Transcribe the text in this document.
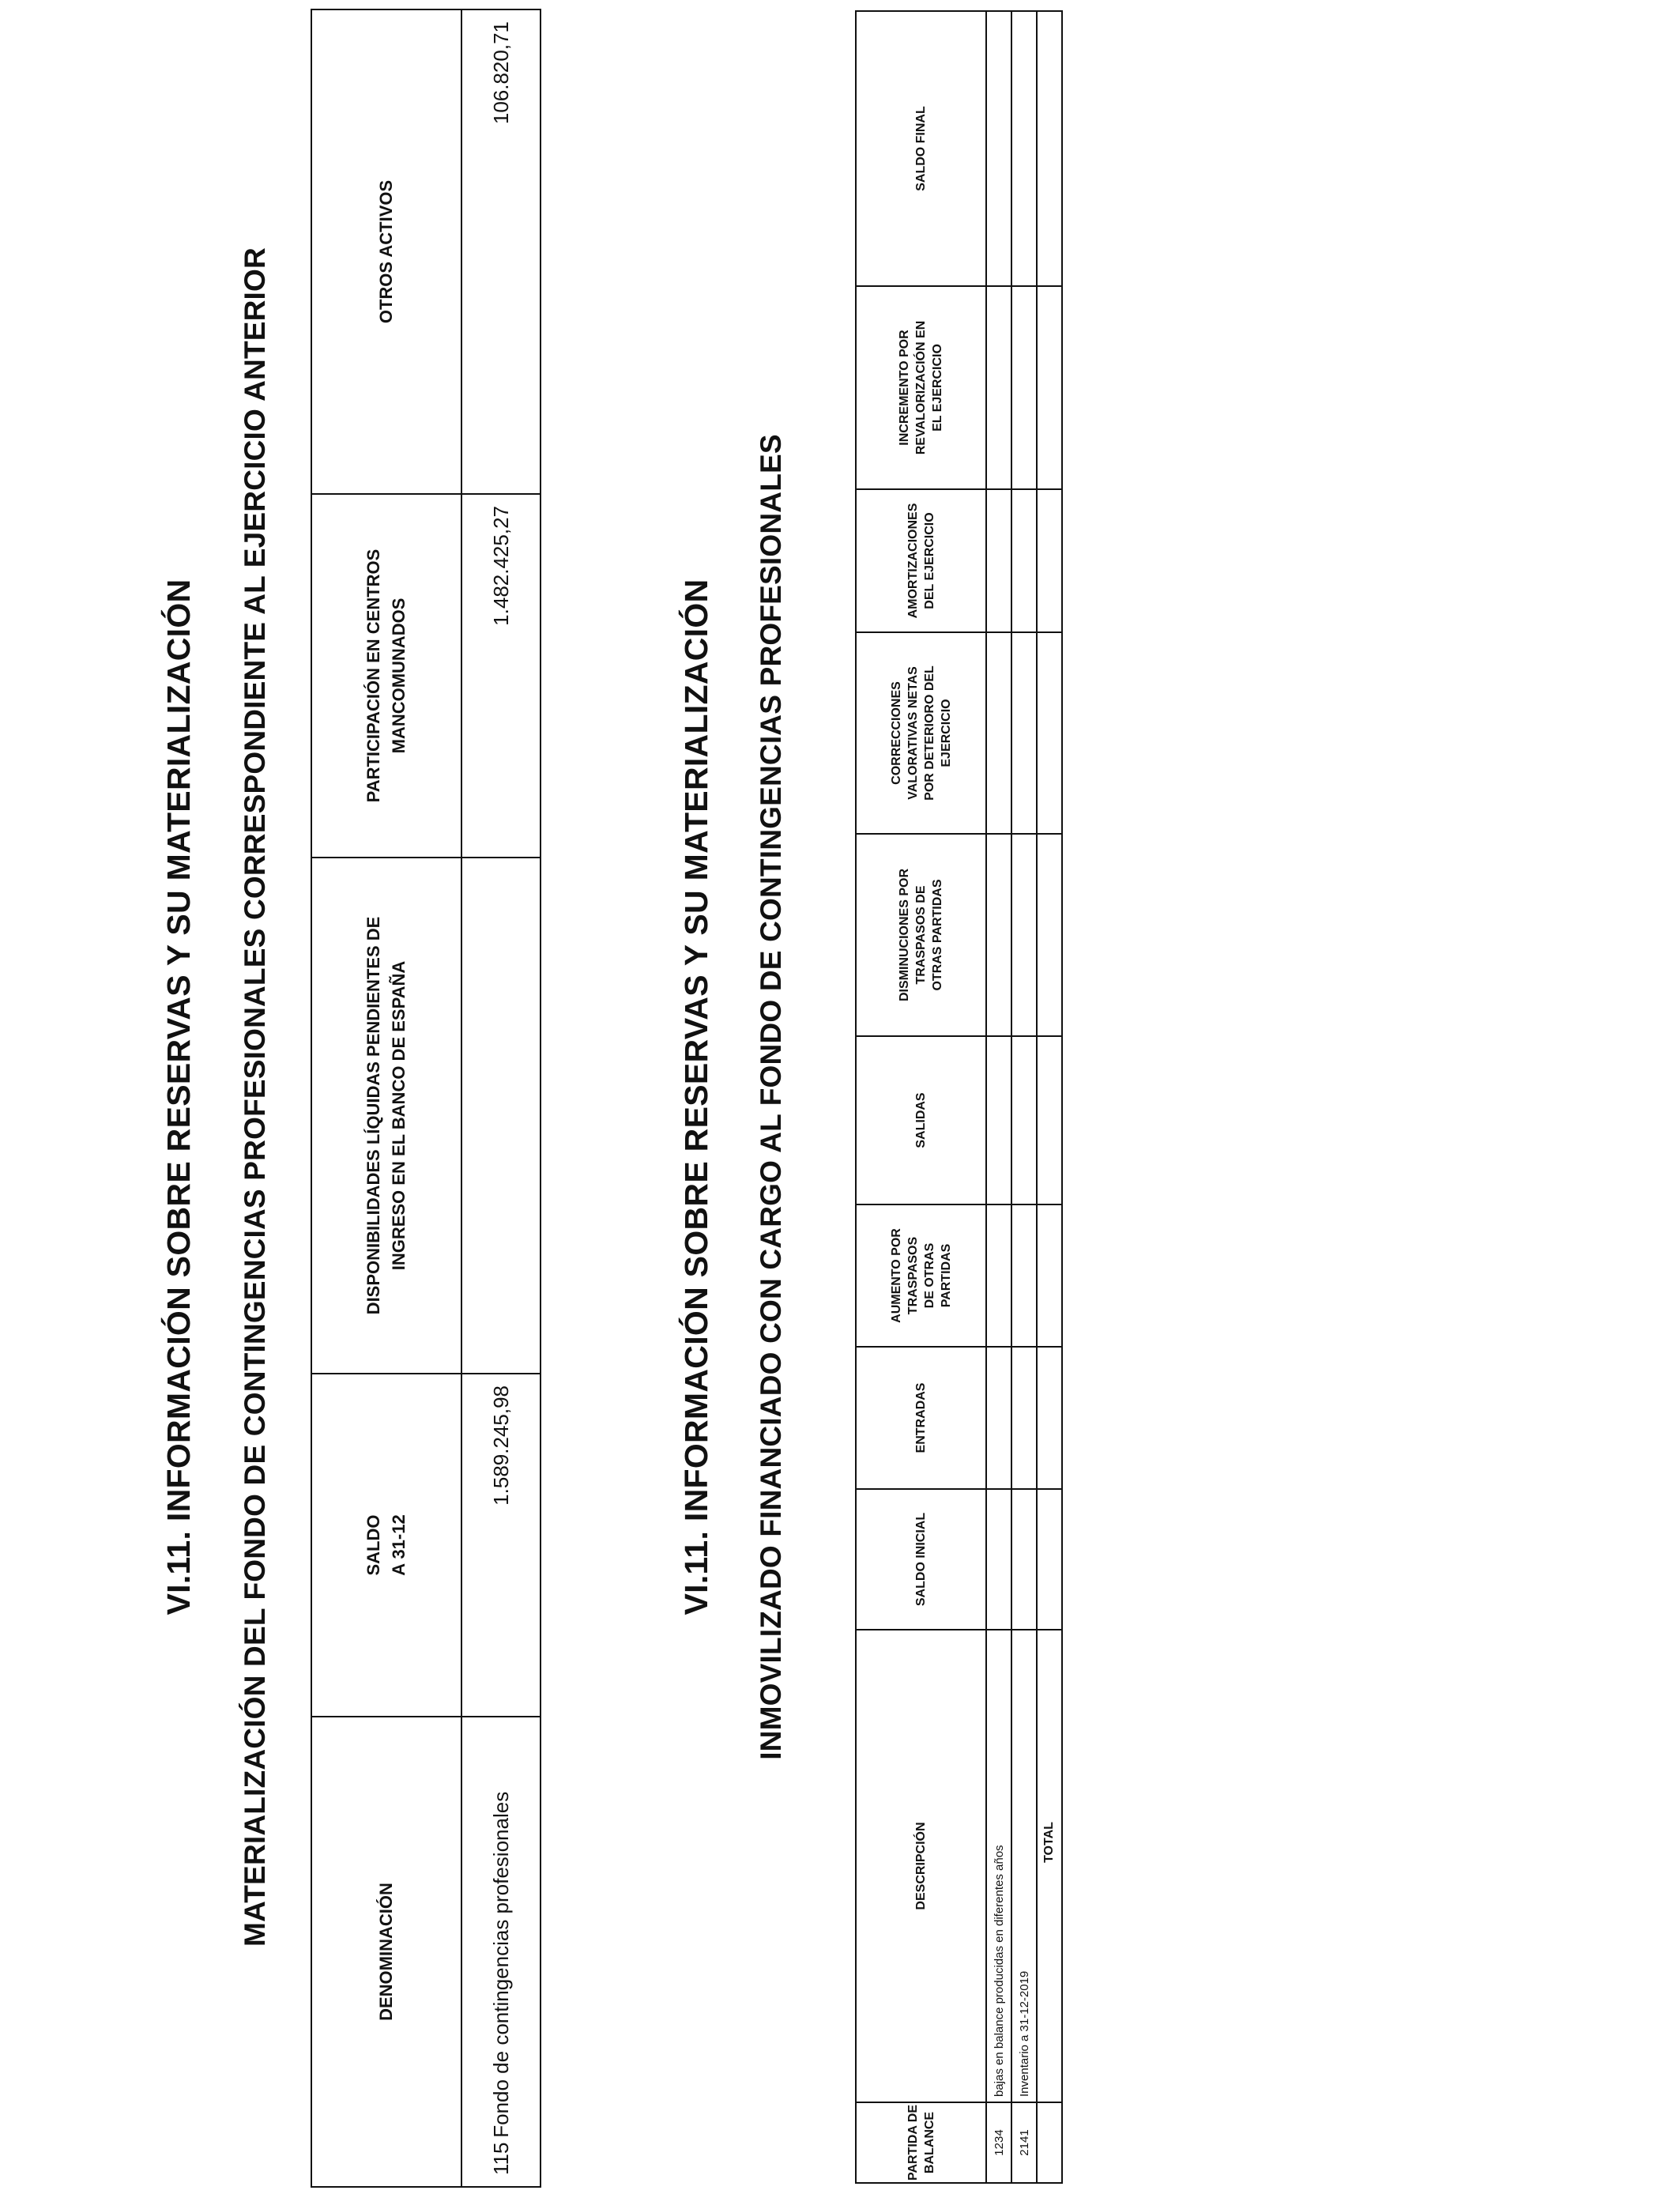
VI.11. INFORMACIÓN SOBRE RESERVAS Y SU MATERIALIZACIÓN MATERIALIZACIÓN DEL FONDO DE CONTINGENCIAS PROFESIONALES CORRESPONDIENTE AL EJERCICIO ANTERIOR
DENOMINACIÓN	SALDO A 31-12	DISPONIBILIDADES LÍQUIDAS PENDIENTES DE INGRESO EN EL BANCO DE ESPAÑA	PARTICIPACIÓN EN CENTROS MANCOMUNADOS	OTROS ACTIVOS
115 Fondo de contingencias profesionales	1.589.245,98		1.482.425,27	106.820,71
VI.11. INFORMACIÓN SOBRE RESERVAS Y SU MATERIALIZACIÓN INMOVILIZADO FINANCIADO CON CARGO AL FONDO DE CONTINGENCIAS PROFESIONALES
PARTIDA DE BALANCE	DESCRIPCIÓN	SALDO INICIAL	ENTRADAS	AUMENTO POR TRASPASOS DE OTRAS PARTIDAS	SALIDAS	DISMINUCIONES POR TRASPASOS DE OTRAS PARTIDAS	CORRECCIONES VALORATIVAS NETAS POR DETERIORO DEL EJERCICIO	AMORTIZACIONES DEL EJERCICIO	INCREMENTO POR REVALORIZACIÓN EN EL EJERCICIO	SALDO FINAL
1234	bajas en balance producidas en diferentes años									
2141	Inventario a 31-12-2019									
	TOTAL									
